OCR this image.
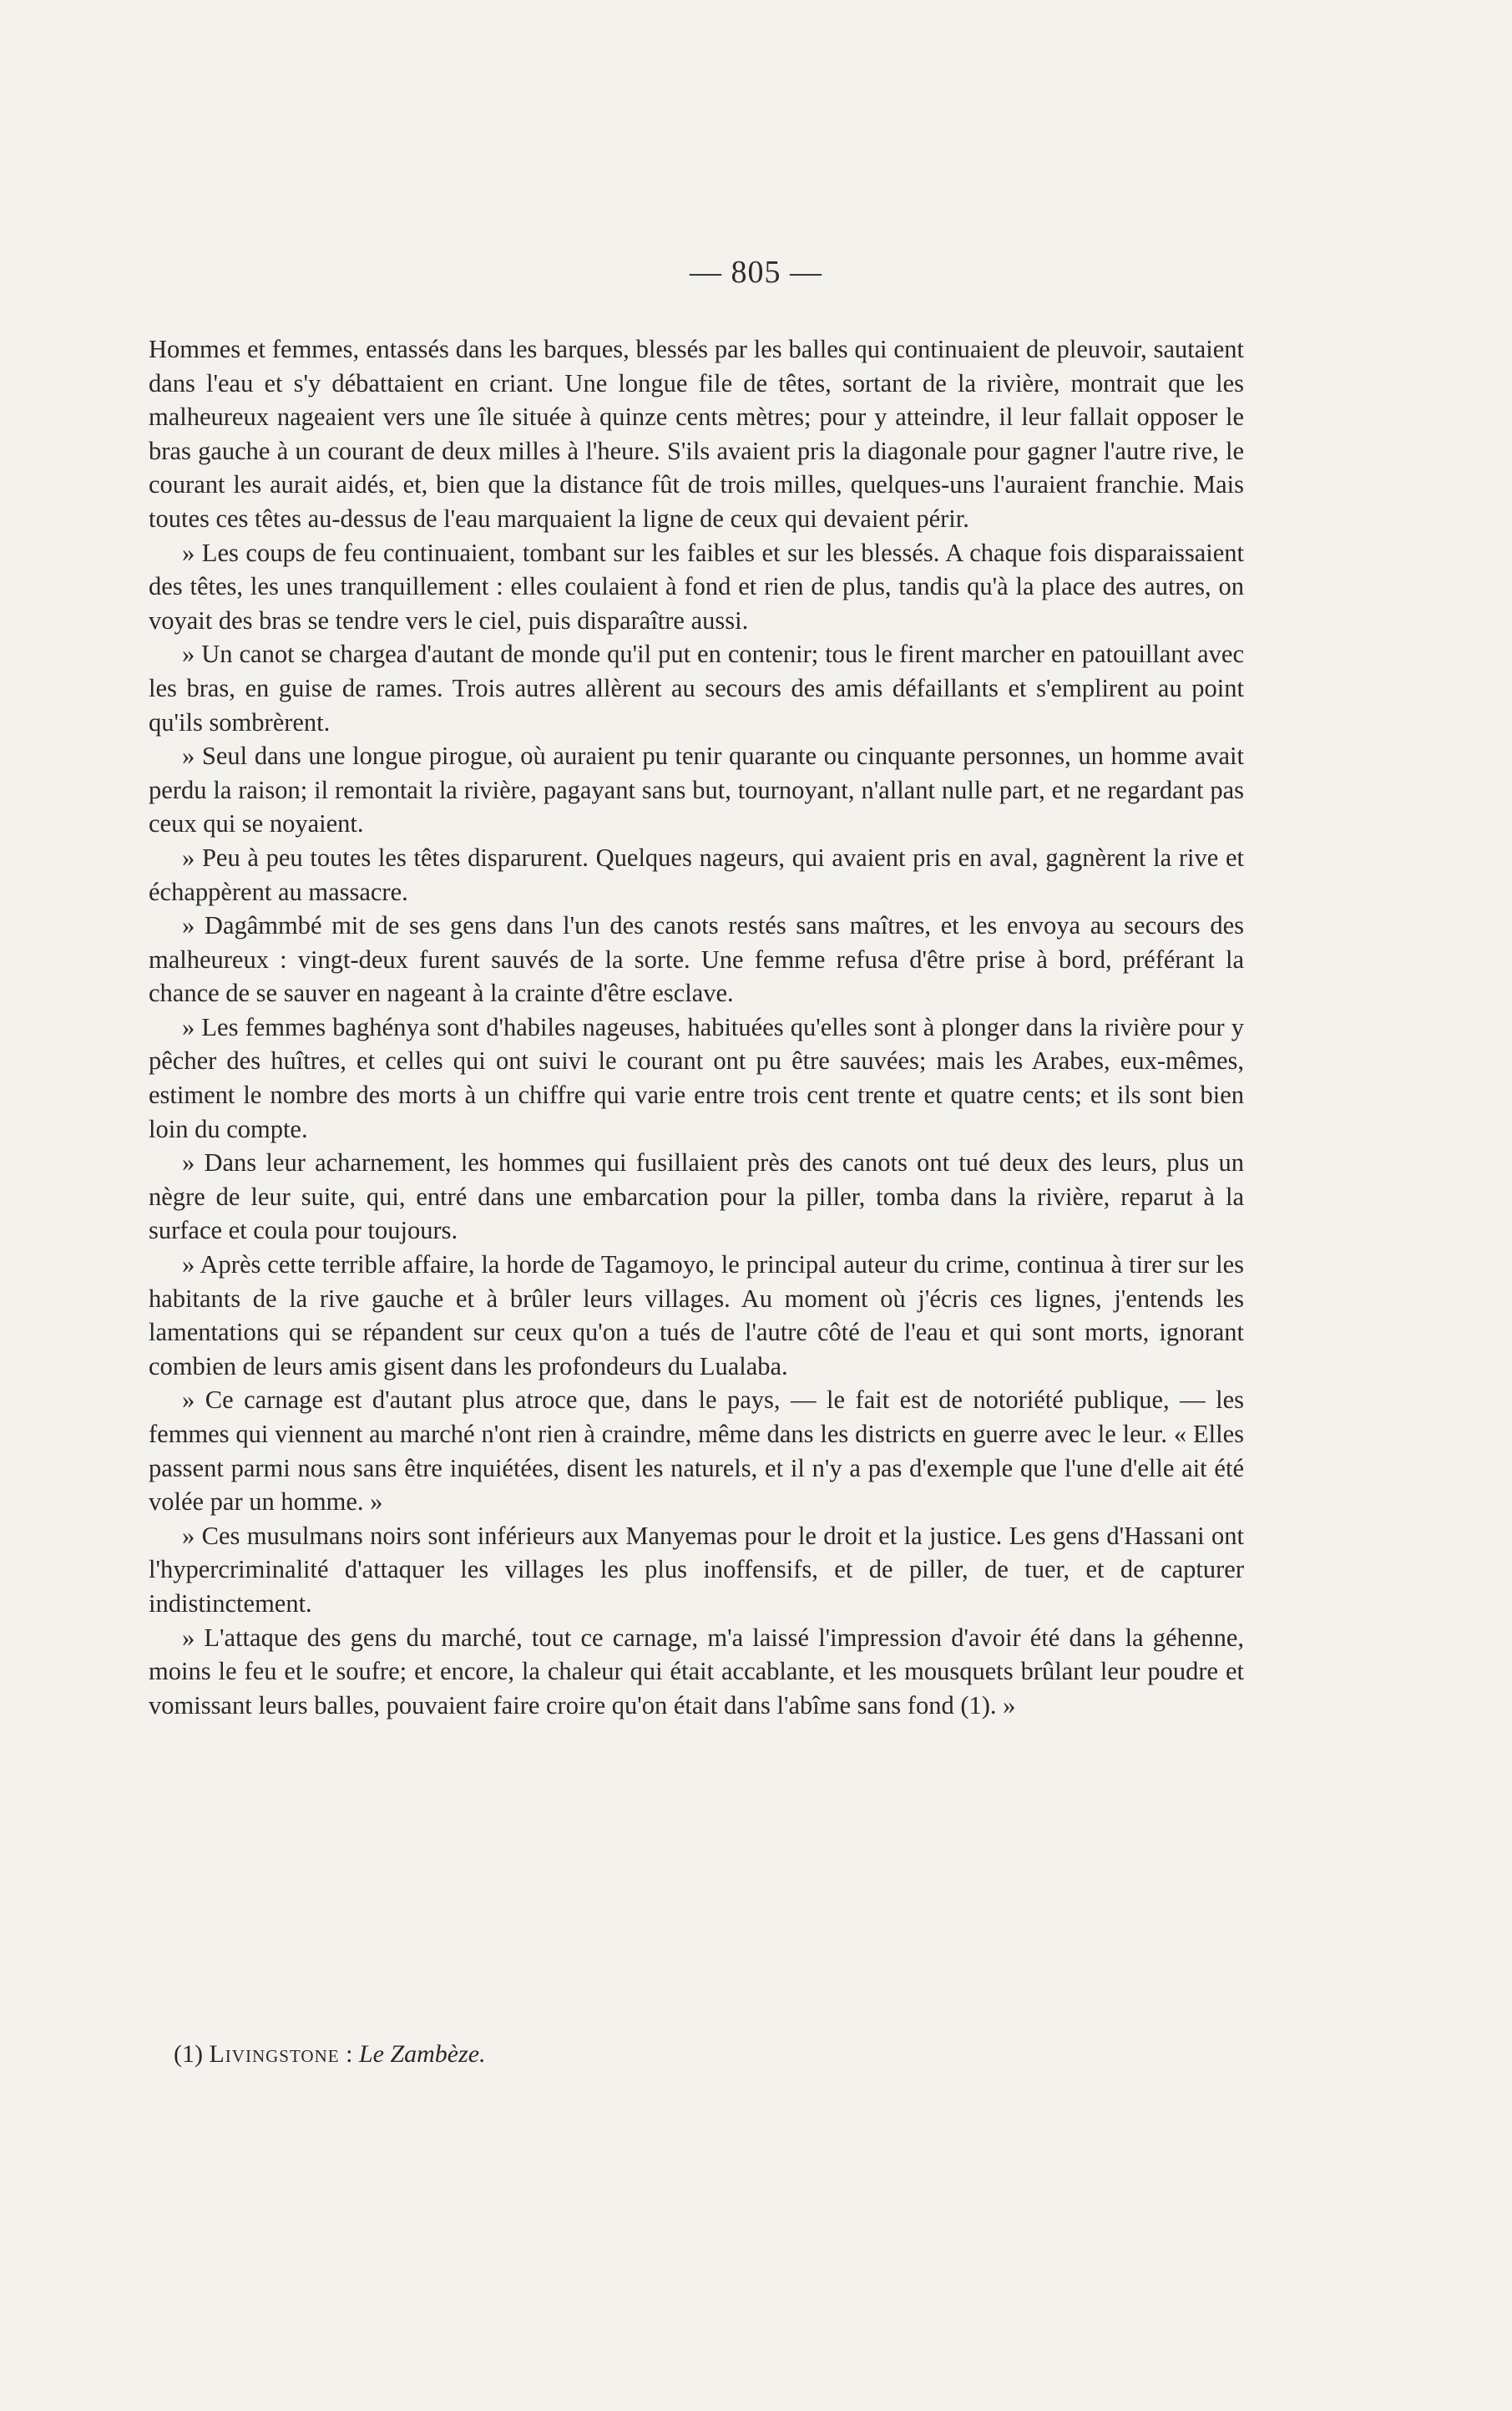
— 805 —

Hommes et femmes, entassés dans les barques, blessés par les balles qui continuaient de pleuvoir, sautaient dans l'eau et s'y débattaient en criant. Une longue file de têtes, sortant de la rivière, montrait que les malheureux nageaient vers une île située à quinze cents mètres; pour y atteindre, il leur fallait opposer le bras gauche à un courant de deux milles à l'heure. S'ils avaient pris la diagonale pour gagner l'autre rive, le courant les aurait aidés, et, bien que la distance fût de trois milles, quelques-uns l'auraient franchie. Mais toutes ces têtes au-dessus de l'eau marquaient la ligne de ceux qui devaient périr.

» Les coups de feu continuaient, tombant sur les faibles et sur les blessés. A chaque fois disparaissaient des têtes, les unes tranquillement : elles coulaient à fond et rien de plus, tandis qu'à la place des autres, on voyait des bras se tendre vers le ciel, puis disparaître aussi.

» Un canot se chargea d'autant de monde qu'il put en contenir; tous le firent marcher en patouillant avec les bras, en guise de rames. Trois autres allèrent au secours des amis défaillants et s'emplirent au point qu'ils sombrèrent.

» Seul dans une longue pirogue, où auraient pu tenir quarante ou cinquante personnes, un homme avait perdu la raison; il remontait la rivière, pagayant sans but, tournoyant, n'allant nulle part, et ne regardant pas ceux qui se noyaient.

» Peu à peu toutes les têtes disparurent. Quelques nageurs, qui avaient pris en aval, gagnèrent la rive et échappèrent au massacre.

» Dagâmmbé mit de ses gens dans l'un des canots restés sans maîtres, et les envoya au secours des malheureux : vingt-deux furent sauvés de la sorte. Une femme refusa d'être prise à bord, préférant la chance de se sauver en nageant à la crainte d'être esclave.

» Les femmes baghénya sont d'habiles nageuses, habituées qu'elles sont à plonger dans la rivière pour y pêcher des huîtres, et celles qui ont suivi le courant ont pu être sauvées; mais les Arabes, eux-mêmes, estiment le nombre des morts à un chiffre qui varie entre trois cent trente et quatre cents; et ils sont bien loin du compte.

» Dans leur acharnement, les hommes qui fusillaient près des canots ont tué deux des leurs, plus un nègre de leur suite, qui, entré dans une embarcation pour la piller, tomba dans la rivière, reparut à la surface et coula pour toujours.

» Après cette terrible affaire, la horde de Tagamoyo, le principal auteur du crime, continua à tirer sur les habitants de la rive gauche et à brûler leurs villages. Au moment où j'écris ces lignes, j'entends les lamentations qui se répandent sur ceux qu'on a tués de l'autre côté de l'eau et qui sont morts, ignorant combien de leurs amis gisent dans les profondeurs du Lualaba.

» Ce carnage est d'autant plus atroce que, dans le pays, — le fait est de notoriété publique, — les femmes qui viennent au marché n'ont rien à craindre, même dans les districts en guerre avec le leur. « Elles passent parmi nous sans être inquiétées, disent les naturels, et il n'y a pas d'exemple que l'une d'elle ait été volée par un homme. »

» Ces musulmans noirs sont inférieurs aux Manyemas pour le droit et la justice. Les gens d'Hassani ont l'hypercriminalité d'attaquer les villages les plus inoffensifs, et de piller, de tuer, et de capturer indistinctement.

» L'attaque des gens du marché, tout ce carnage, m'a laissé l'impression d'avoir été dans la géhenne, moins le feu et le soufre; et encore, la chaleur qui était accablante, et les mousquets brûlant leur poudre et vomissant leurs balles, pouvaient faire croire qu'on était dans l'abîme sans fond (1). »

(1) Livingstone : Le Zambèze.
